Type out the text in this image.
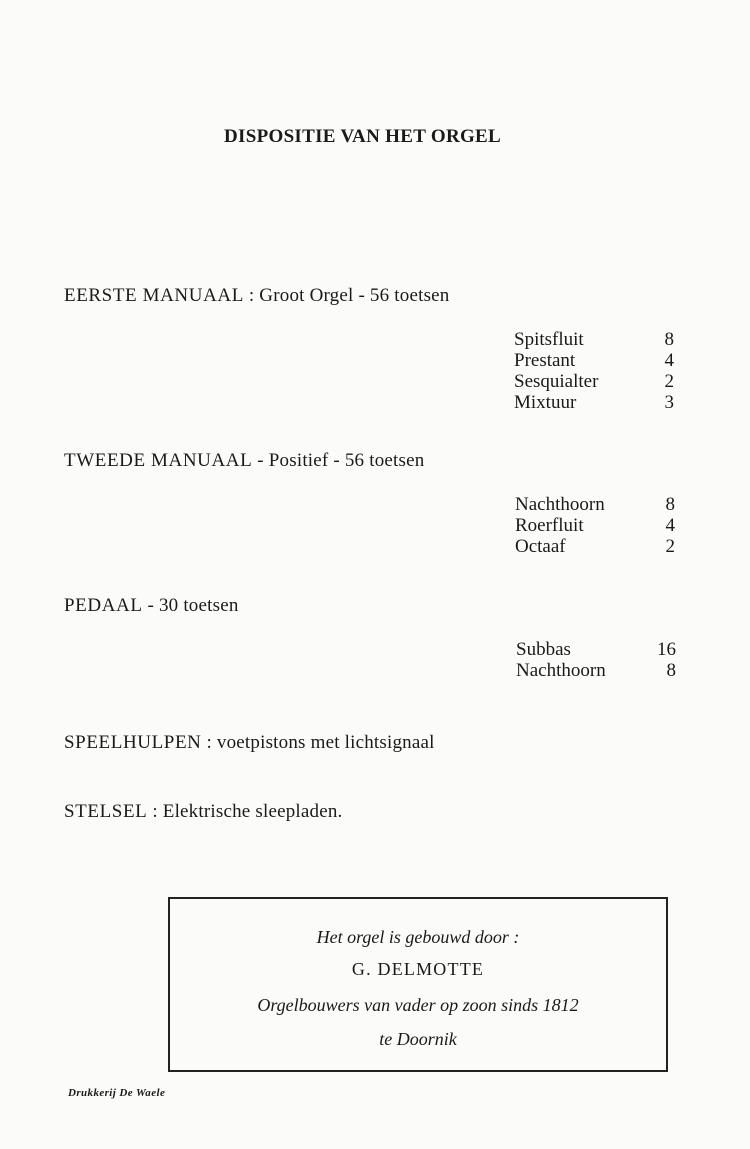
DISPOSITIE VAN HET ORGEL
EERSTE MANUAAL : Groot Orgel - 56 toetsen
Spitsfluit	8
Prestant	4
Sesquialter	2
Mixtuur	3
TWEEDE MANUAAL - Positief - 56 toetsen
Nachthoorn	8
Roerfluit	4
Octaaf	2
PEDAAL - 30 toetsen
Subbas	16
Nachthoorn	8
SPEELHULPEN : voetpistons met lichtsignaal
STELSEL : Elektrische sleepladen.
Het orgel is gebouwd door :
G. DELMOTTE
Orgelbouwers van vader op zoon sinds 1812
te Doornik
Drukkerij De Waele
